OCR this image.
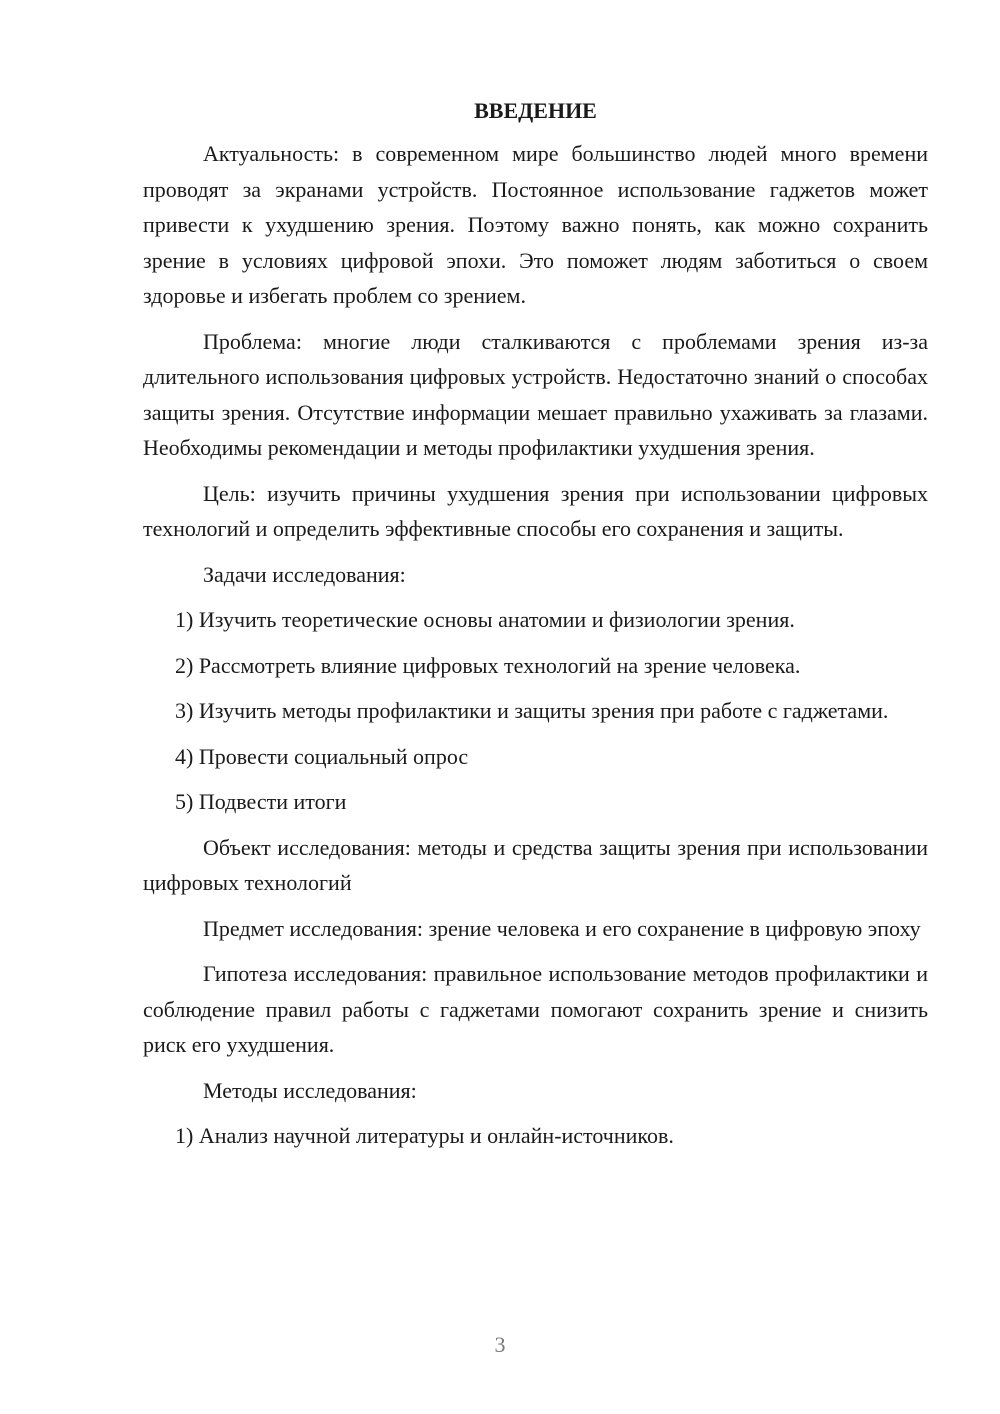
ВВЕДЕНИЕ

Актуальность: в современном мире большинство людей много времени проводят за экранами устройств. Постоянное использование гаджетов может привести к ухудшению зрения. Поэтому важно понять, как можно сохранить зрение в условиях цифровой эпохи. Это поможет людям заботиться о своем здоровье и избегать проблем со зрением.

Проблема: многие люди сталкиваются с проблемами зрения из-за длительного использования цифровых устройств. Недостаточно знаний о способах защиты зрения. Отсутствие информации мешает правильно ухаживать за глазами. Необходимы рекомендации и методы профилактики ухудшения зрения.

Цель: изучить причины ухудшения зрения при использовании цифровых технологий и определить эффективные способы его сохранения и защиты.

Задачи исследования:

1) Изучить теоретические основы анатомии и физиологии зрения.

2) Рассмотреть влияние цифровых технологий на зрение человека.

3) Изучить методы профилактики и защиты зрения при работе с гаджетами.

4) Провести социальный опрос

5) Подвести итоги

Объект исследования: методы и средства защиты зрения при использовании цифровых технологий

Предмет исследования: зрение человека и его сохранение в цифровую эпоху

Гипотеза исследования: правильное использование методов профилактики и соблюдение правил работы с гаджетами помогают сохранить зрение и снизить риск его ухудшения.

Методы исследования:

1) Анализ научной литературы и онлайн-источников.

3
